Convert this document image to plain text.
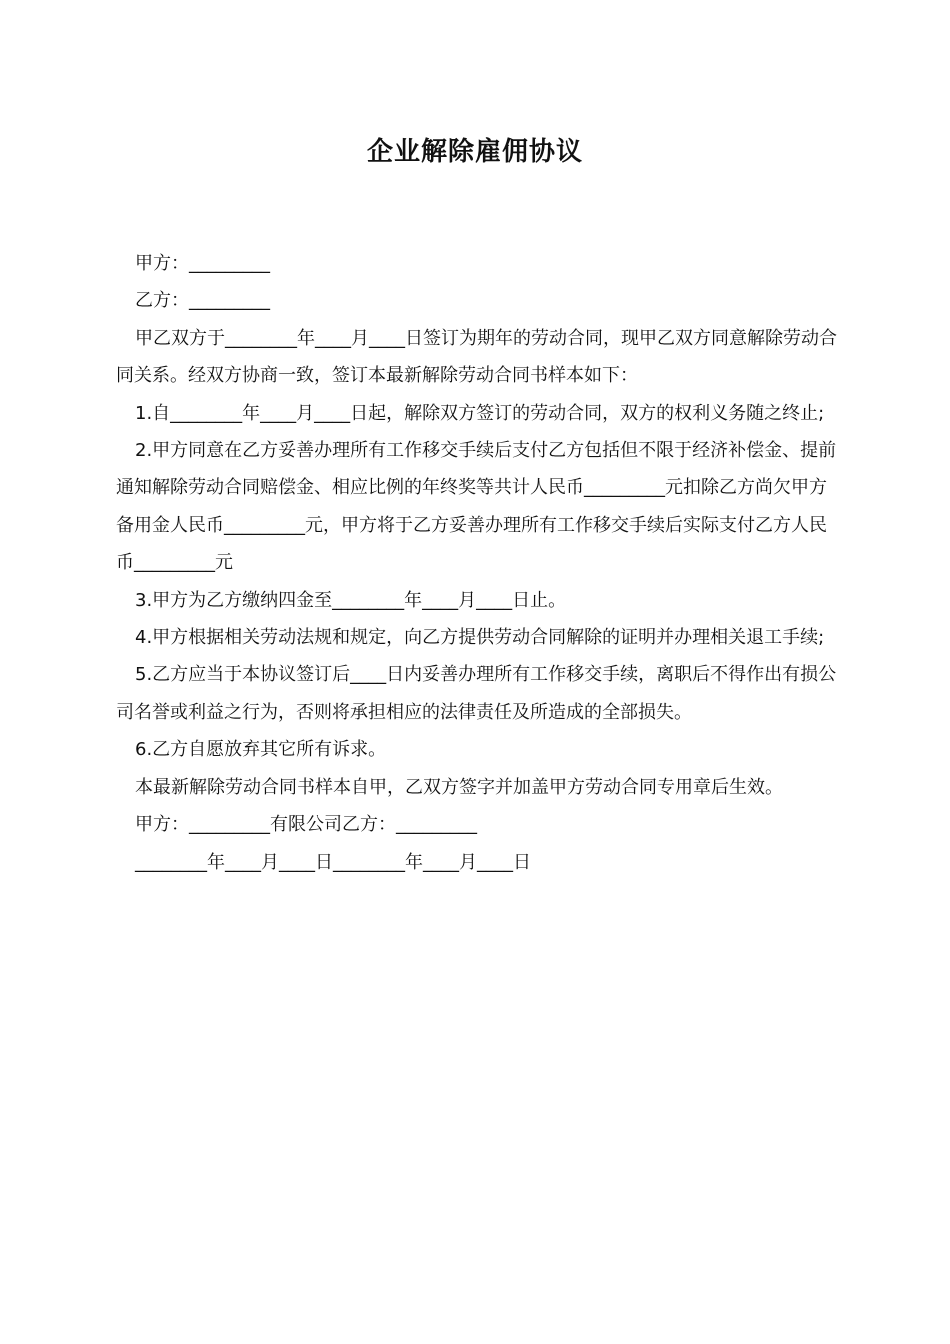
企业解除雇佣协议

甲方：_________

乙方：_________

甲乙双方于________年____月____日签订为期年的劳动合同，现甲乙双方同意解除劳动合同关系。经双方协商一致，签订本最新解除劳动合同书样本如下：

1.自________年____月____日起，解除双方签订的劳动合同，双方的权利义务随之终止;

2.甲方同意在乙方妥善办理所有工作移交手续后支付乙方包括但不限于经济补偿金、提前通知解除劳动合同赔偿金、相应比例的年终奖等共计人民币_________元扣除乙方尚欠甲方备用金人民币_________元，甲方将于乙方妥善办理所有工作移交手续后实际支付乙方人民币_________元

3.甲方为乙方缴纳四金至________年____月____日止。

4.甲方根据相关劳动法规和规定，向乙方提供劳动合同解除的证明并办理相关退工手续;

5.乙方应当于本协议签订后____日内妥善办理所有工作移交手续，离职后不得作出有损公司名誉或利益之行为，否则将承担相应的法律责任及所造成的全部损失。

6.乙方自愿放弃其它所有诉求。

本最新解除劳动合同书样本自甲，乙双方签字并加盖甲方劳动合同专用章后生效。

甲方：_________有限公司乙方：_________

________年____月____日________年____月____日
